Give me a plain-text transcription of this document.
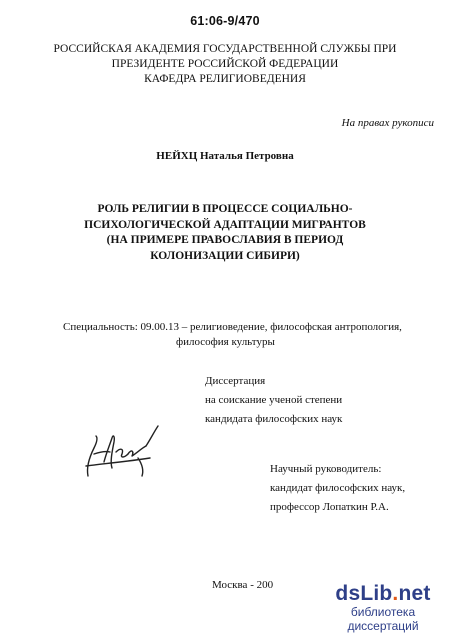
61:06-9/470
РОССИЙСКАЯ АКАДЕМИЯ ГОСУДАРСТВЕННОЙ СЛУЖБЫ ПРИ
ПРЕЗИДЕНТЕ РОССИЙСКОЙ ФЕДЕРАЦИИ
КАФЕДРА РЕЛИГИОВЕДЕНИЯ
На правах рукописи
НЕЙХЦ Наталья Петровна
РОЛЬ РЕЛИГИИ В ПРОЦЕССЕ СОЦИАЛЬНО-
ПСИХОЛОГИЧЕСКОЙ АДАПТАЦИИ МИГРАНТОВ
(НА ПРИМЕРЕ ПРАВОСЛАВИЯ В ПЕРИОД
КОЛОНИЗАЦИИ СИБИРИ)
Специальность: 09.00.13 – религиоведение, философская антропология,
философия культуры
Диссертация
на соискание ученой степени
кандидата философских наук
Научный руководитель:
кандидат философских наук,
профессор Лопаткин Р.А.
Москва - 200	dsLib.net
библиотека диссертаций
